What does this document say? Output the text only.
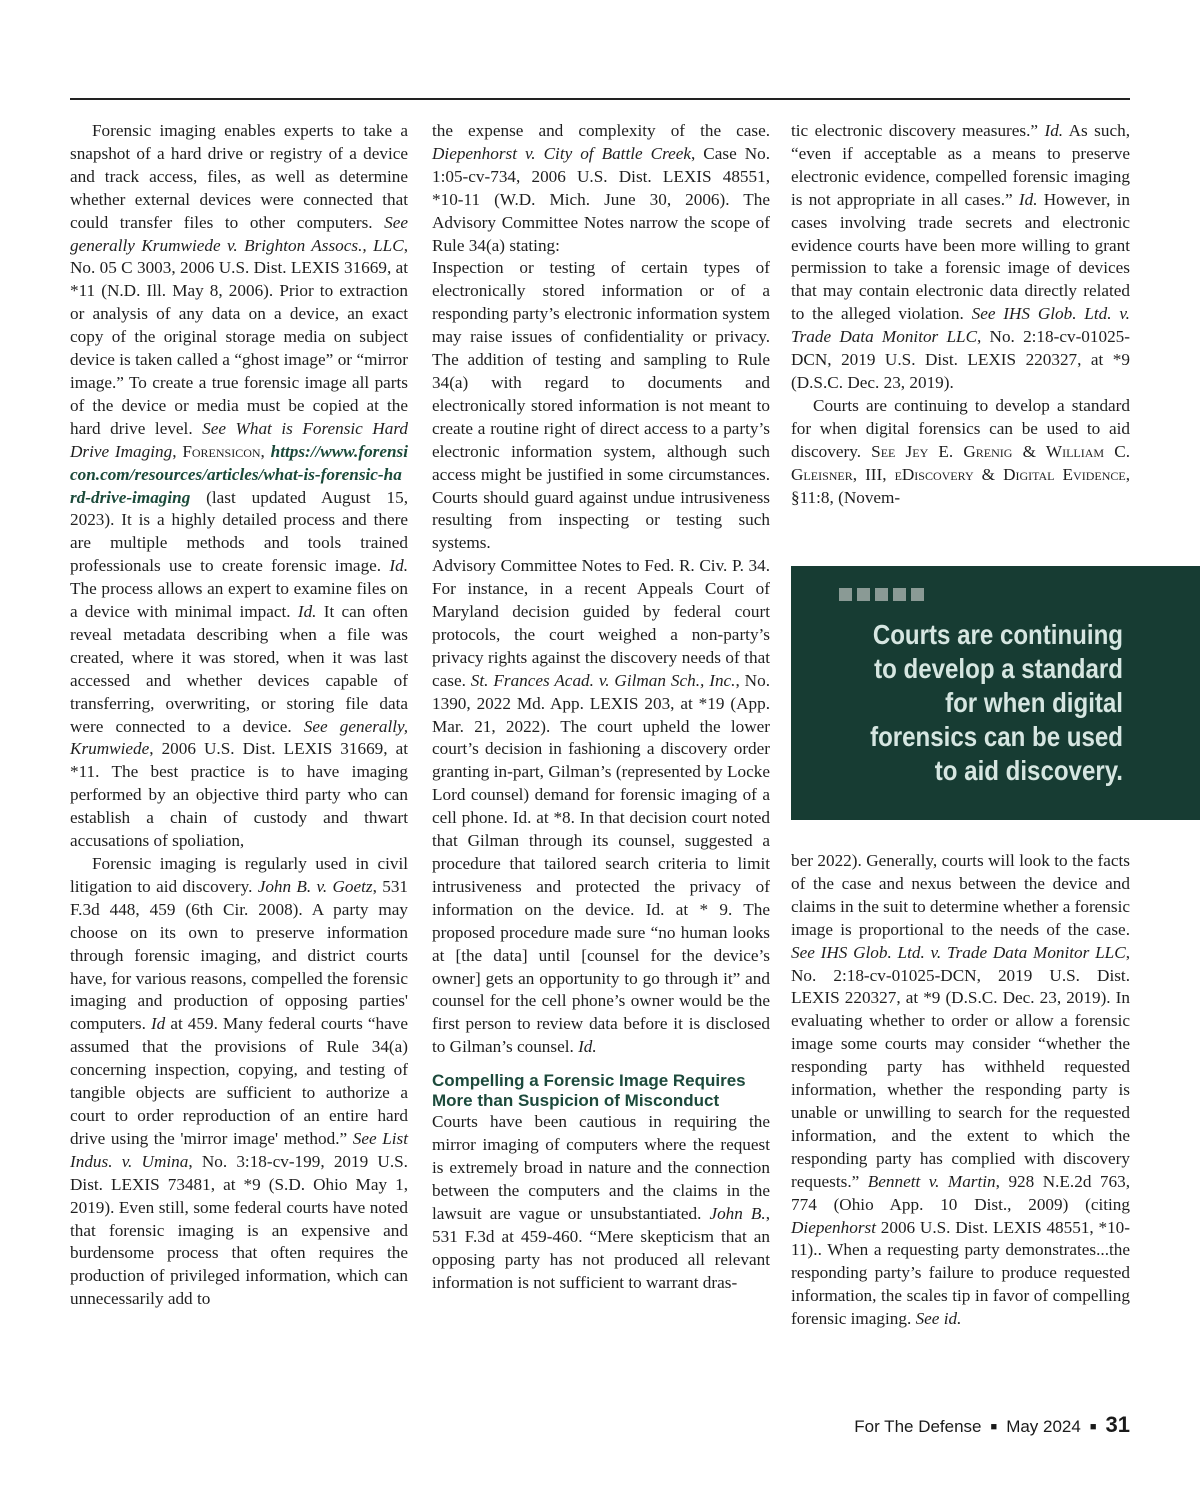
Forensic imaging enables experts to take a snapshot of a hard drive or registry of a device and track access, files, as well as determine whether external devices were connected that could transfer files to other computers. See generally Krumwiede v. Brighton Assocs., LLC, No. 05 C 3003, 2006 U.S. Dist. LEXIS 31669, at *11 (N.D. Ill. May 8, 2006). Prior to extraction or analysis of any data on a device, an exact copy of the original storage media on subject device is taken called a “ghost image” or “mirror image.” To create a true forensic image all parts of the device or media must be copied at the hard drive level. See What is Forensic Hard Drive Imaging, Forensicon, https://www.forensicon.com/resources/articles/what-is-forensic-hard-drive-imaging (last updated August 15, 2023). It is a highly detailed process and there are multiple methods and tools trained professionals use to create forensic image. Id. The process allows an expert to examine files on a device with minimal impact. Id. It can often reveal metadata describing when a file was created, where it was stored, when it was last accessed and whether devices capable of transferring, overwriting, or storing file data were connected to a device. See generally, Krumwiede, 2006 U.S. Dist. LEXIS 31669, at *11. The best practice is to have imaging performed by an objective third party who can establish a chain of custody and thwart accusations of spoliation,

Forensic imaging is regularly used in civil litigation to aid discovery. John B. v. Goetz, 531 F.3d 448, 459 (6th Cir. 2008). A party may choose on its own to preserve information through forensic imaging, and district courts have, for various reasons, compelled the forensic imaging and production of opposing parties' computers. Id at 459. Many federal courts “have assumed that the provisions of Rule 34(a) concerning inspection, copying, and testing of tangible objects are sufficient to authorize a court to order reproduction of an entire hard drive using the 'mirror image' method.” See List Indus. v. Umina, No. 3:18-cv-199, 2019 U.S. Dist. LEXIS 73481, at *9 (S.D. Ohio May 1, 2019). Even still, some federal courts have noted that forensic imaging is an expensive and burdensome process that often requires the production of privileged information, which can unnecessarily add to

the expense and complexity of the case. Diepenhorst v. City of Battle Creek, Case No. 1:05-cv-734, 2006 U.S. Dist. LEXIS 48551, *10-11 (W.D. Mich. June 30, 2006). The Advisory Committee Notes narrow the scope of Rule 34(a) stating:

Inspection or testing of certain types of electronically stored information or of a responding party’s electronic information system may raise issues of confidentiality or privacy. The addition of testing and sampling to Rule 34(a) with regard to documents and electronically stored information is not meant to create a routine right of direct access to a party’s electronic information system, although such access might be justified in some circumstances. Courts should guard against undue intrusiveness resulting from inspecting or testing such systems.

Advisory Committee Notes to Fed. R. Civ. P. 34. For instance, in a recent Appeals Court of Maryland decision guided by federal court protocols, the court weighed a non-party’s privacy rights against the discovery needs of that case. St. Frances Acad. v. Gilman Sch., Inc., No. 1390, 2022 Md. App. LEXIS 203, at *19 (App. Mar. 21, 2022). The court upheld the lower court’s decision in fashioning a discovery order granting in-part, Gilman’s (represented by Locke Lord counsel) demand for forensic imaging of a cell phone. Id. at *8. In that decision court noted that Gilman through its counsel, suggested a procedure that tailored search criteria to limit intrusiveness and protected the privacy of information on the device. Id. at * 9. The proposed procedure made sure “no human looks at [the data] until [counsel for the device’s owner] gets an opportunity to go through it” and counsel for the cell phone’s owner would be the first person to review data before it is disclosed to Gilman’s counsel. Id.

Compelling a Forensic Image Requires More than Suspicion of Misconduct

Courts have been cautious in requiring the mirror imaging of computers where the request is extremely broad in nature and the connection between the computers and the claims in the lawsuit are vague or unsubstantiated. John B., 531 F.3d at 459-460. “Mere skepticism that an opposing party has not produced all relevant information is not sufficient to warrant dras-

tic electronic discovery measures.” Id. As such, “even if acceptable as a means to preserve electronic evidence, compelled forensic imaging is not appropriate in all cases.” Id. However, in cases involving trade secrets and electronic evidence courts have been more willing to grant permission to take a forensic image of devices that may contain electronic data directly related to the alleged violation. See IHS Glob. Ltd. v. Trade Data Monitor LLC, No. 2:18-cv-01025-DCN, 2019 U.S. Dist. LEXIS 220327, at *9 (D.S.C. Dec. 23, 2019).

Courts are continuing to develop a standard for when digital forensics can be used to aid discovery. See Jey E. Grenig & William C. Gleisner, III, eDiscovery & Digital Evidence, §11:8, (Novem-

Courts are continuing to develop a standard for when digital forensics can be used to aid discovery.

ber 2022). Generally, courts will look to the facts of the case and nexus between the device and claims in the suit to determine whether a forensic image is proportional to the needs of the case. See IHS Glob. Ltd. v. Trade Data Monitor LLC, No. 2:18-cv-01025-DCN, 2019 U.S. Dist. LEXIS 220327, at *9 (D.S.C. Dec. 23, 2019). In evaluating whether to order or allow a forensic image some courts may consider “whether the responding party has withheld requested information, whether the responding party is unable or unwilling to search for the requested information, and the extent to which the responding party has complied with discovery requests.” Bennett v. Martin, 928 N.E.2d 763, 774 (Ohio App. 10 Dist., 2009) (citing Diepenhorst 2006 U.S. Dist. LEXIS 48551, *10-11).. When a requesting party demonstrates...the responding party’s failure to produce requested information, the scales tip in favor of compelling forensic imaging. See id.

For The Defense ■ May 2024 ■ 31
